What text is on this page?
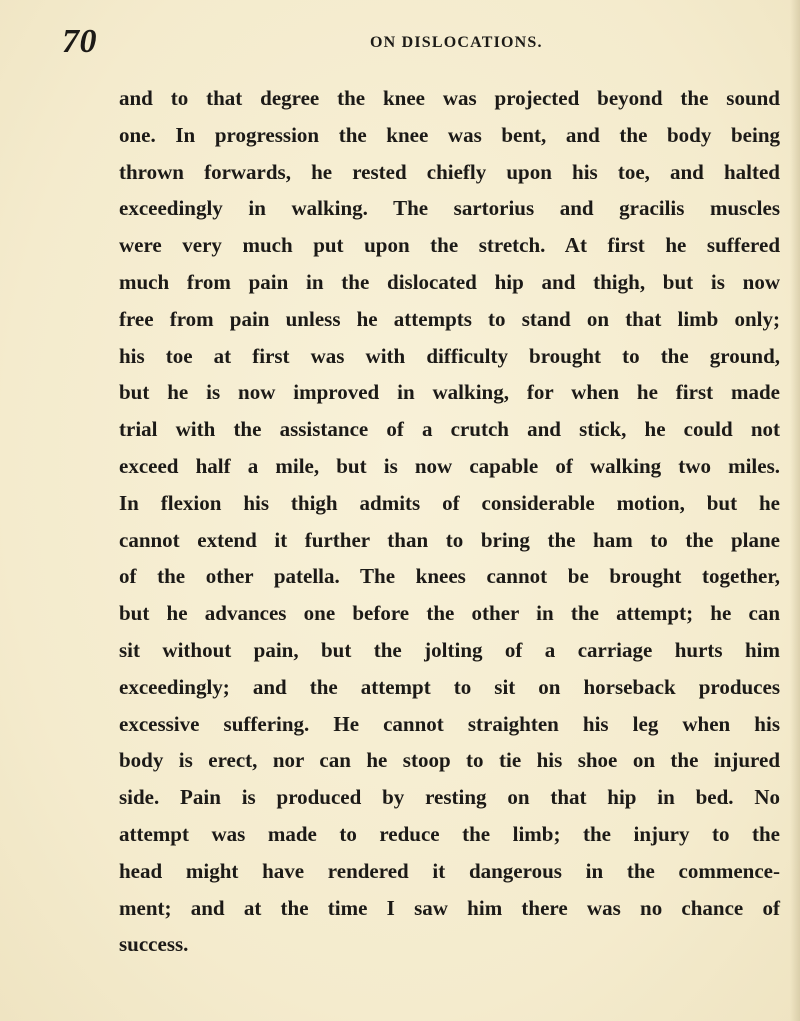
70	ON DISLOCATIONS.
and to that degree the knee was projected beyond the sound
one. In progression the knee was bent, and the body being
thrown forwards, he rested chiefly upon his toe, and halted
exceedingly in walking. The sartorius and gracilis muscles
were very much put upon the stretch. At first he suffered
much from pain in the dislocated hip and thigh, but is now
free from pain unless he attempts to stand on that limb only;
his toe at first was with difficulty brought to the ground,
but he is now improved in walking, for when he first made
trial with the assistance of a crutch and stick, he could not
exceed half a mile, but is now capable of walking two miles.
In flexion his thigh admits of considerable motion, but he
cannot extend it further than to bring the ham to the plane
of the other patella. The knees cannot be brought together,
but he advances one before the other in the attempt; he can
sit without pain, but the jolting of a carriage hurts him
exceedingly; and the attempt to sit on horseback produces
excessive suffering. He cannot straighten his leg when his
body is erect, nor can he stoop to tie his shoe on the injured
side. Pain is produced by resting on that hip in bed. No
attempt was made to reduce the limb; the injury to the
head might have rendered it dangerous in the commence-
ment; and at the time I saw him there was no chance of
success.
